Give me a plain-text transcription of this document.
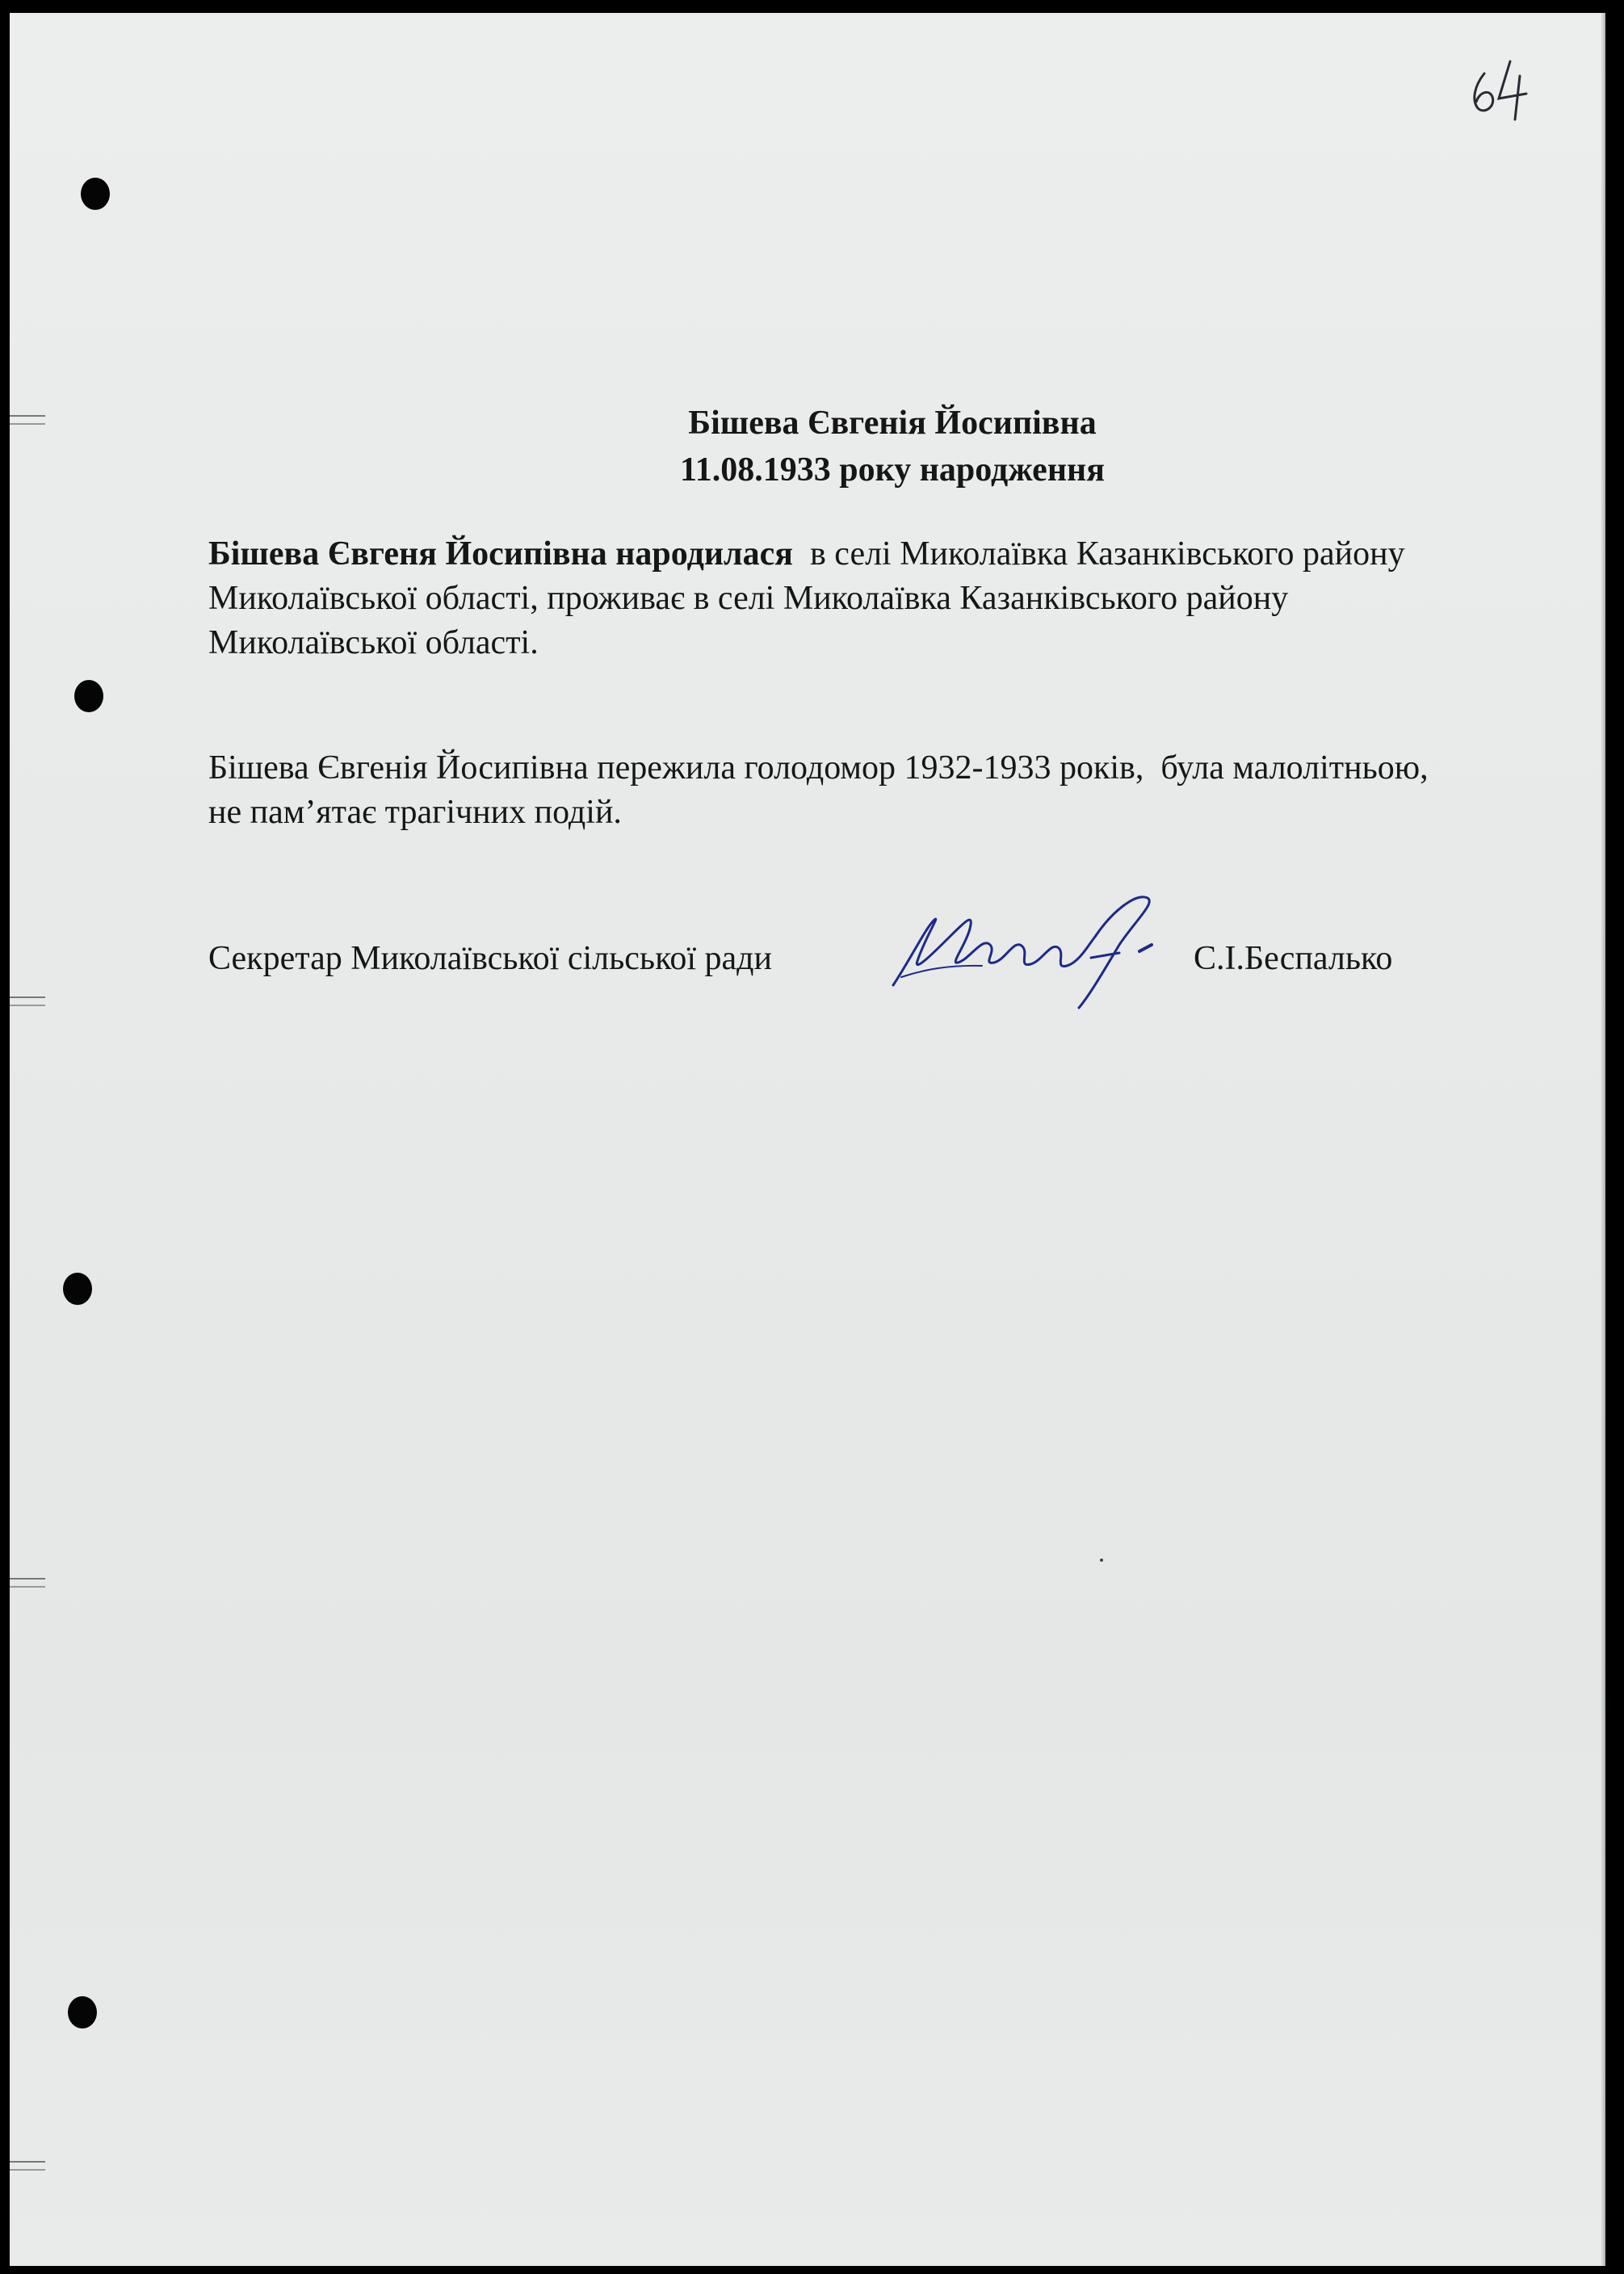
Бішева Євгенія Йосипівна
11.08.1933 року народження

Бішева Євгеня Йосипівна народилася  в селі Миколаївка Казанківського району Миколаївської області, проживає в селі Миколаївка Казанківського району Миколаївської області.

Бішева Євгенія Йосипівна пережила голодомор 1932-1933 років,  була малолітньою, не пам’ятає трагічних подій.

Секретар Миколаївської сільської ради	С.І.Беспалько
